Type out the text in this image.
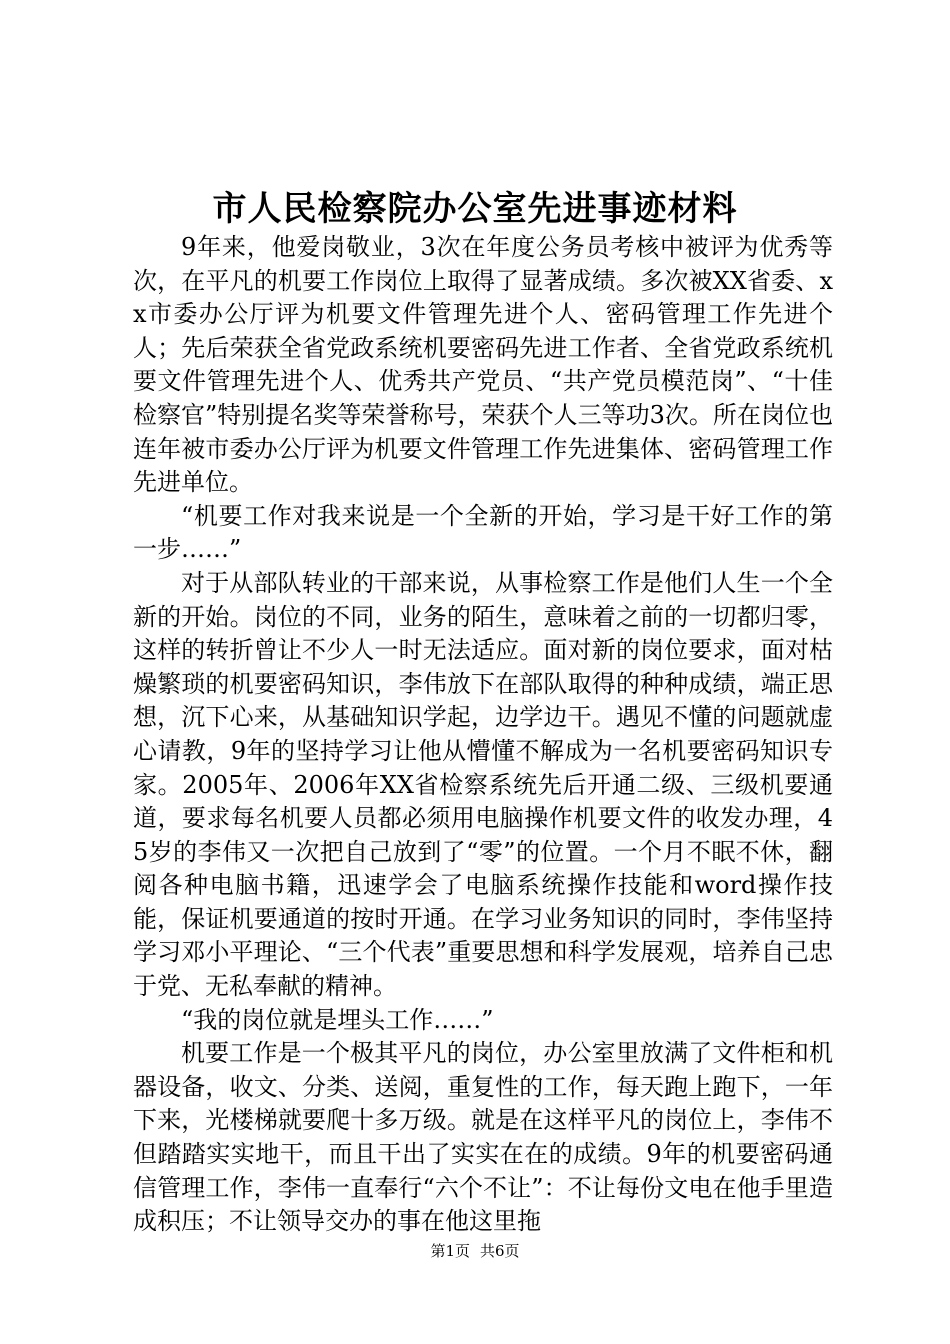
市人民检察院办公室先进事迹材料

9年来，他爱岗敬业，3次在年度公务员考核中被评为优秀等次，在平凡的机要工作岗位上取得了显著成绩。多次被XX省委、xx市委办公厅评为机要文件管理先进个人、密码管理工作先进个人；先后荣获全省党政系统机要密码先进工作者、全省党政系统机要文件管理先进个人、优秀共产党员、“共产党员模范岗”、“十佳检察官”特别提名奖等荣誉称号，荣获个人三等功3次。所在岗位也连年被市委办公厅评为机要文件管理工作先进集体、密码管理工作先进单位。

“机要工作对我来说是一个全新的开始，学习是干好工作的第一步……”

对于从部队转业的干部来说，从事检察工作是他们人生一个全新的开始。岗位的不同，业务的陌生，意味着之前的一切都归零，这样的转折曾让不少人一时无法适应。面对新的岗位要求，面对枯燥繁琐的机要密码知识，李伟放下在部队取得的种种成绩，端正思想，沉下心来，从基础知识学起，边学边干。遇见不懂的问题就虚心请教，9年的坚持学习让他从懵懂不解成为一名机要密码知识专家。2005年、2006年XX省检察系统先后开通二级、三级机要通道，要求每名机要人员都必须用电脑操作机要文件的收发办理，45岁的李伟又一次把自己放到了“零”的位置。一个月不眠不休，翻阅各种电脑书籍，迅速学会了电脑系统操作技能和word操作技能，保证机要通道的按时开通。在学习业务知识的同时，李伟坚持学习邓小平理论、“三个代表”重要思想和科学发展观，培养自己忠于党、无私奉献的精神。

“我的岗位就是埋头工作……”

机要工作是一个极其平凡的岗位，办公室里放满了文件柜和机器设备，收文、分类、送阅，重复性的工作，每天跑上跑下，一年下来，光楼梯就要爬十多万级。就是在这样平凡的岗位上，李伟不但踏踏实实地干，而且干出了实实在在的成绩。9年的机要密码通信管理工作，李伟一直奉行“六个不让”：不让每份文电在他手里造成积压；不让领导交办的事在他这里拖

第1页 共6页
